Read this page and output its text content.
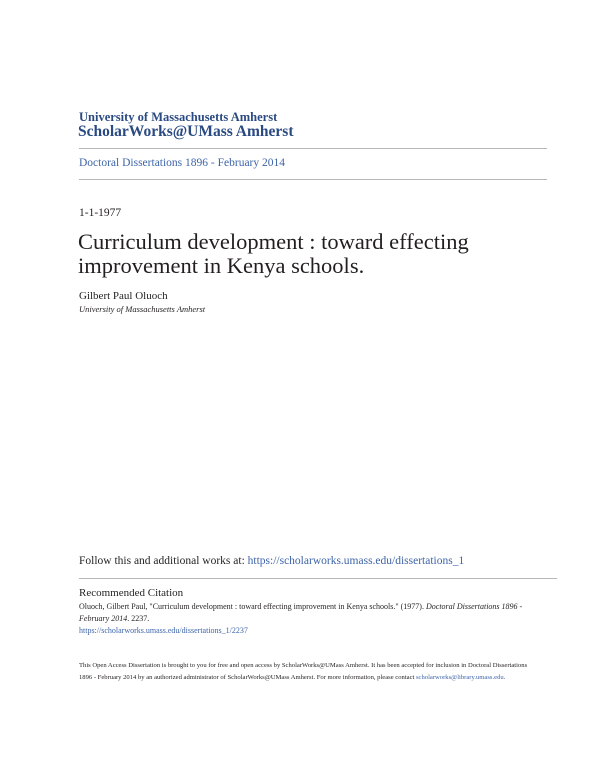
University of Massachusetts Amherst
ScholarWorks@UMass Amherst
Doctoral Dissertations 1896 - February 2014
1-1-1977
Curriculum development : toward effecting improvement in Kenya schools.
Gilbert Paul Oluoch
University of Massachusetts Amherst
Follow this and additional works at: https://scholarworks.umass.edu/dissertations_1
Recommended Citation
Oluoch, Gilbert Paul, "Curriculum development : toward effecting improvement in Kenya schools." (1977). Doctoral Dissertations 1896 - February 2014. 2237.
https://scholarworks.umass.edu/dissertations_1/2237
This Open Access Dissertation is brought to you for free and open access by ScholarWorks@UMass Amherst. It has been accepted for inclusion in Doctoral Dissertations 1896 - February 2014 by an authorized administrator of ScholarWorks@UMass Amherst. For more information, please contact scholarworks@library.umass.edu.
